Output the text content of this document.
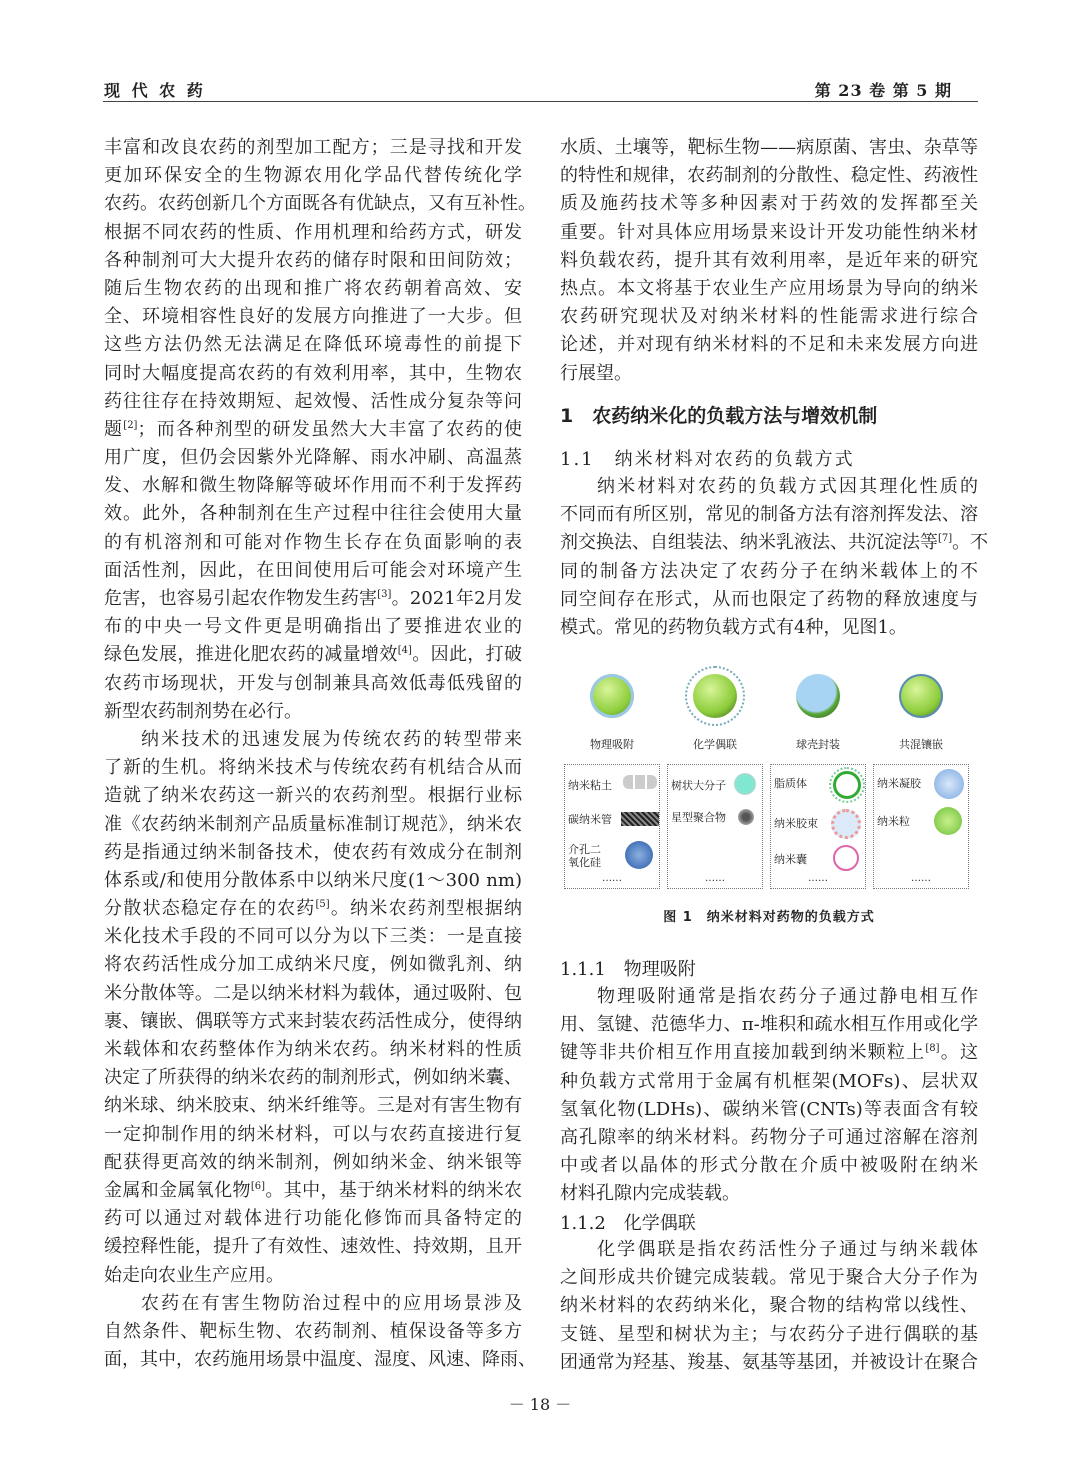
现 代 农 药	第 23 卷 第 5 期
丰富和改良农药的剂型加工配方；三是寻找和开发
更加环保安全的生物源农用化学品代替传统化学
农药。农药创新几个方面既各有优缺点，又有互补性。
根据不同农药的性质、作用机理和给药方式，研发
各种制剂可大大提升农药的储存时限和田间防效；
随后生物农药的出现和推广将农药朝着高效、安
全、环境相容性良好的发展方向推进了一大步。但
这些方法仍然无法满足在降低环境毒性的前提下
同时大幅度提高农药的有效利用率，其中，生物农
药往往存在持效期短、起效慢、活性成分复杂等问
题[2]；而各种剂型的研发虽然大大丰富了农药的使
用广度，但仍会因紫外光降解、雨水冲刷、高温蒸
发、水解和微生物降解等破坏作用而不利于发挥药
效。此外，各种制剂在生产过程中往往会使用大量
的有机溶剂和可能对作物生长存在负面影响的表
面活性剂，因此，在田间使用后可能会对环境产生
危害，也容易引起农作物发生药害[3]。2021年2月发
布的中央一号文件更是明确指出了要推进农业的
绿色发展，推进化肥农药的减量增效[4]。因此，打破
农药市场现状，开发与创制兼具高效低毒低残留的
新型农药制剂势在必行。
纳米技术的迅速发展为传统农药的转型带来
了新的生机。将纳米技术与传统农药有机结合从而
造就了纳米农药这一新兴的农药剂型。根据行业标
准《农药纳米制剂产品质量标准制订规范》，纳米农
药是指通过纳米制备技术，使农药有效成分在制剂
体系或/和使用分散体系中以纳米尺度(1～300 nm)
分散状态稳定存在的农药[5]。纳米农药剂型根据纳
米化技术手段的不同可以分为以下三类：一是直接
将农药活性成分加工成纳米尺度，例如微乳剂、纳
米分散体等。二是以纳米材料为载体，通过吸附、包
裹、镶嵌、偶联等方式来封装农药活性成分，使得纳
米载体和农药整体作为纳米农药。纳米材料的性质
决定了所获得的纳米农药的制剂形式，例如纳米囊、
纳米球、纳米胶束、纳米纤维等。三是对有害生物有
一定抑制作用的纳米材料，可以与农药直接进行复
配获得更高效的纳米制剂，例如纳米金、纳米银等
金属和金属氧化物[6]。其中，基于纳米材料的纳米农
药可以通过对载体进行功能化修饰而具备特定的
缓控释性能，提升了有效性、速效性、持效期，且开
始走向农业生产应用。
农药在有害生物防治过程中的应用场景涉及
自然条件、靶标生物、农药制剂、植保设备等多方
面，其中，农药施用场景中温度、湿度、风速、降雨、
水质、土壤等，靶标生物——病原菌、害虫、杂草等
的特性和规律，农药制剂的分散性、稳定性、药液性
质及施药技术等多种因素对于药效的发挥都至关
重要。针对具体应用场景来设计开发功能性纳米材
料负载农药，提升其有效利用率，是近年来的研究
热点。本文将基于农业生产应用场景为导向的纳米
农药研究现状及对纳米材料的性能需求进行综合
论述，并对现有纳米材料的不足和未来发展方向进
行展望。
1　农药纳米化的负载方法与增效机制
1.1　纳米材料对农药的负载方式
纳米材料对农药的负载方式因其理化性质的
不同而有所区别，常见的制备方法有溶剂挥发法、溶
剂交换法、自组装法、纳米乳液法、共沉淀法等[7]。不
同的制备方法决定了农药分子在纳米载体上的不
同空间存在形式，从而也限定了药物的释放速度与
模式。常见的药物负载方式有4种，见图1。
物理吸附
纳米粘土
碳纳米管
介孔二氧化硅
……
化学偶联
树状大分子
星型聚合物
……
球壳封装
脂质体
纳米胶束
纳米囊
……
共混镶嵌
纳米凝胶
纳米粒
……
图 1　纳米材料对药物的负载方式
1.1.1　物理吸附
物理吸附通常是指农药分子通过静电相互作
用、氢键、范德华力、π-堆积和疏水相互作用或化学
键等非共价相互作用直接加载到纳米颗粒上[8]。这
种负载方式常用于金属有机框架(MOFs)、层状双
氢氧化物(LDHs)、碳纳米管(CNTs)等表面含有较
高孔隙率的纳米材料。药物分子可通过溶解在溶剂
中或者以晶体的形式分散在介质中被吸附在纳米
材料孔隙内完成装载。
1.1.2　化学偶联
化学偶联是指农药活性分子通过与纳米载体
之间形成共价键完成装载。常见于聚合大分子作为
纳米材料的农药纳米化，聚合物的结构常以线性、
支链、星型和树状为主；与农药分子进行偶联的基
团通常为羟基、羧基、氨基等基团，并被设计在聚合
－ 18 －
